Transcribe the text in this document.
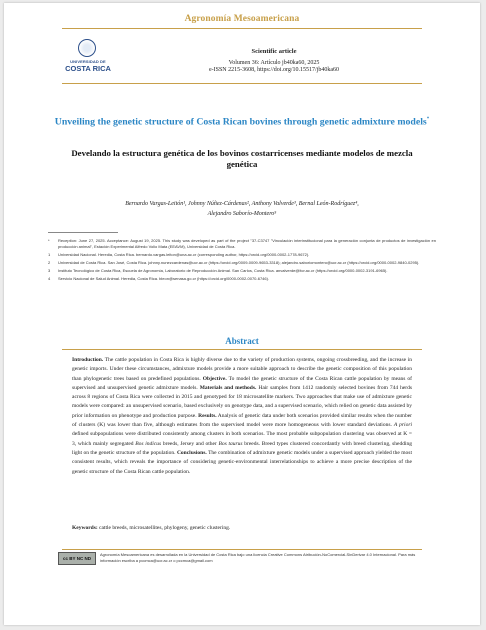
Agronomía Mesoamericana
UNIVERSIDAD DE
COSTA RICA
Scientific article
Volumen 36: Artículo jb40ka60, 2025
e-ISSN 2215-3608, https://doi.org/10.15517/jb40ka60
Unveiling the genetic structure of Costa Rican bovines through genetic admixture models*
Develando la estructura genética de los bovinos costarricenses mediante modelos de mezcla genética
Bernardo Vargas-Leitón¹, Johnny Núñez-Cárdenas², Anthony Valverde³, Bernal León-Rodríguez⁴,
Alejandro Saborío-Montero⁵
* Reception: June 27, 2025. Acceptance: August 19, 2025. This study was developed as part of the project "37-C3747 "Vinculación interinstitucional para la generación conjunta de productos de investigación en producción animal", Estación Experimental Alfredo Volio Mata (EEAVM), Universidad de Costa Rica.
1 Universidad Nacional. Heredia, Costa Rica. bernardo.vargas.leiton@una.ac.cr (corresponding author, https://orcid.org/0000-0002-1778-9672).
2 Universidad de Costa Rica. San José, Costa Rica. johnny.nunezcardenas@ucr.ac.cr (https://orcid.org/0009-0009-9653-3318); alejandro.saboriomontero@ucr.ac.cr (https://orcid.org/0000-0002-9840-0295).
3 Instituto Tecnológico de Costa Rica, Escuela de Agronomía, Laboratorio de Reproducción Animal. San Carlos, Costa Rica. anvalverde@itcr.ac.cr (https://orcid.org/0000-0002-3191-6965).
4 Servicio Nacional de Salud Animal. Heredia, Costa Rica. bleon@senasa.go.cr (https://orcid.org/0000-0002-0070-6746).
Abstract
Introduction. The cattle population in Costa Rica is highly diverse due to the variety of production systems, ongoing crossbreeding, and the increase in genetic imports. Under these circumstances, admixture models provide a more suitable approach to describe the genetic composition of this population than phylogenetic trees based on predefined populations. Objective. To model the genetic structure of the Costa Rican cattle population by means of supervised and unsupervised genetic admixture models. Materials and methods. Hair samples from 1412 randomly selected bovines from 744 herds across 8 regions of Costa Rica were collected in 2015 and genotyped for 18 microsatellite markers. Two approaches that make use of admixture genetic models were compared: an unsupervised scenario, based exclusively on genotype data, and a supervised scenario, which relied on genetic data assisted by prior information on phenotype and production purpose. Results. Analysis of genetic data under both scenarios provided similar results when the number of clusters (K) was lower than five, although estimates from the supervised model were more homogeneous with lower standard deviations. A priori defined subpopulations were distributed consistently among clusters in both scenarios. The most probable subpopulation clustering was observed at K = 3, which mainly segregated Bos indicus breeds, Jersey and other Bos taurus breeds. Breed types clustered concordantly with breed clustering, shedding light on the genetic structure of the population. Conclusions. The combination of admixture genetic models under a supervised approach yielded the most consistent results, which reveals the importance of considering genetic-environmental interrelationships to achieve a more precise description of the genetic structure of the Costa Rican cattle population.
Keywords: cattle breeds, microsatellites, phylogeny, genetic clustering.
cc BY NC ND
Agronomía Mesoamericana es desarrollada en la Universidad de Costa Rica bajo una licencia Creative Commons Atribución-NoComercial-SinDerivar 4.0 Internacional. Para más información escriba a pccmca@ucr.ac.cr o pccmca@gmail.com
